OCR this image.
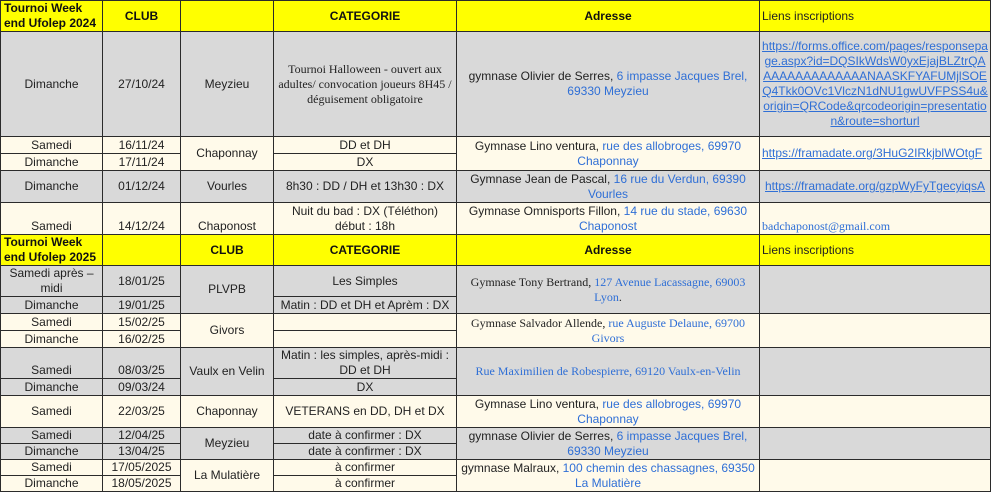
Tournoi Week end Ufolep 2024	CLUB		CATEGORIE	Adresse	Liens inscriptions
Dimanche	27/10/24	Meyzieu	Tournoi Halloween - ouvert aux adultes/ convocation joueurs 8H45 / déguisement obligatoire	gymnase Olivier de Serres, 6 impasse Jacques Brel, 69330 Meyzieu	https://forms.office.com/pages/responsepage.aspx?id=DQSIkWdsW0yxEjajBLZtrQAAAAAAAAAAAAAANAASKFYAFUMjlSOEQ4Tkk0OVc1VlczN1dNU1gwUVFPSS4u&origin=QRCode&qrcodeorigin=presentation&route=shorturl
Samedi	16/11/24	Chaponnay	DD et DH	Gymnase Lino ventura, rue des allobroges, 69970 Chaponnay	https://framadate.org/3HuG2IRkjblWOtgF
Dimanche	17/11/24		DX		
Dimanche	01/12/24	Vourles	8h30 : DD / DH et 13h30 : DX	Gymnase Jean de Pascal, 16 rue du Verdun, 69390 Vourles	https://framadate.org/gzpWyFyTgecyiqsA
Samedi	14/12/24	Chaponost	Nuit du bad : DX (Téléthon) début : 18h	Gymnase Omnisports Fillon, 14 rue du stade, 69630 Chaponost	badchaponost@gmail.com
Tournoi Week end Ufolep 2025		CLUB	CATEGORIE	Adresse	Liens inscriptions
Samedi après – midi	18/01/25	PLVPB	Les Simples	Gymnase Tony Bertrand, 127 Avenue Lacassagne, 69003 Lyon.	
Dimanche	19/01/25		Matin : DD et DH et Aprèm : DX		
Samedi	15/02/25	Givors		Gymnase Salvador Allende, rue Auguste Delaune, 69700 Givors	
Dimanche	16/02/25				
Samedi	08/03/25	Vaulx en Velin	Matin : les simples, après-midi : DD et DH	Rue Maximilien de Robespierre, 69120 Vaulx-en-Velin	
Dimanche	09/03/24		DX		
Samedi	22/03/25	Chaponnay	VETERANS en DD, DH et DX	Gymnase Lino ventura, rue des allobroges, 69970 Chaponnay	
Samedi	12/04/25	Meyzieu	date à confirmer : DX	gymnase Olivier de Serres, 6 impasse Jacques Brel, 69330 Meyzieu	
Dimanche	13/04/25		date à confirmer : DX		
Samedi	17/05/2025	La Mulatière	à confirmer	gymnase Malraux, 100 chemin des chassagnes, 69350 La Mulatière	
Dimanche	18/05/2025		à confirmer		
